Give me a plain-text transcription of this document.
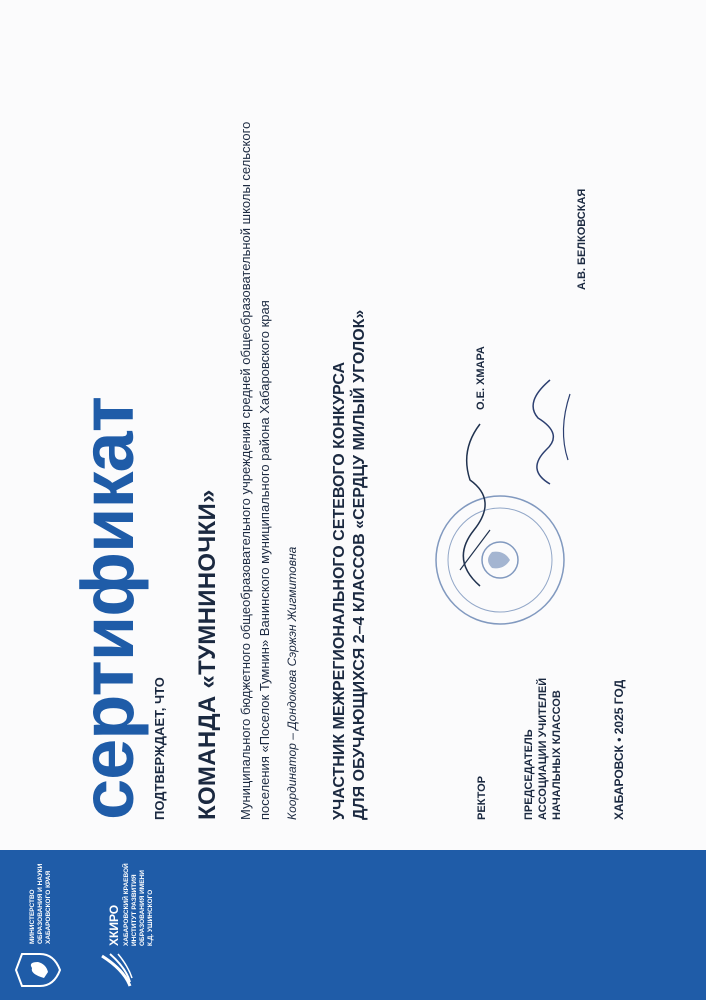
МИНИСТЕРСТВО ОБРАЗОВАНИЯ И НАУКИ ХАБАРОВСКОГО КРАЯ	ХКИРО ХАБАРОВСКИЙ КРАЕВОЙ ИНСТИТУТ РАЗВИТИЯ ОБРАЗОВАНИЯ ИМЕНИ К.Д. УШИНСКОГО
сертификат ПОДТВЕРЖДАЕТ, ЧТО КОМАНДА «ТУМНИНОЧКИ» Муниципального бюджетного общеобразовательного учреждения средней общеобразовательной школы сельского поселения «Поселок Тумнин» Ванинского муниципального района Хабаровского края Координатор – Дондокова Сэржэн Жигмитовна УЧАСТНИК МЕЖРЕГИОНАЛЬНОГО СЕТЕВОГО КОНКУРСА ДЛЯ ОБУЧАЮЩИХСЯ 2–4 КЛАССОВ «СЕРДЦУ МИЛЫЙ УГОЛОК»	РЕКТОР
О.Е. ХМАРА
ПРЕДСЕДАТЕЛЬ АССОЦИАЦИИ УЧИТЕЛЕЙ НАЧАЛЬНЫХ КЛАССОВ
А.В. БЕЛКОВСКАЯ
ХАБАРОВСК • 2025 ГОД
